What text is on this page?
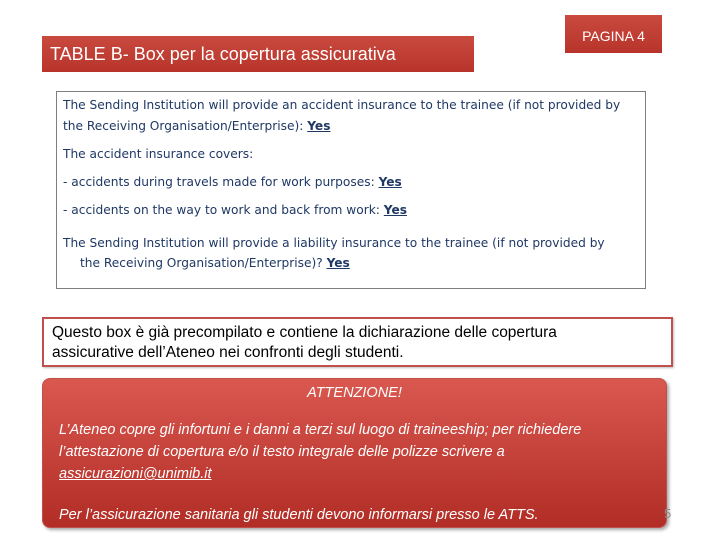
TABLE B- Box per la copertura assicurativa
PAGINA 4
The Sending Institution will provide an accident insurance to the trainee (if not provided by
the Receiving Organisation/Enterprise): Yes
The accident insurance covers:
- accidents during travels made for work purposes: Yes
- accidents on the way to work and back from work: Yes
The Sending Institution will provide a liability insurance to the trainee (if not provided by
the Receiving Organisation/Enterprise)? Yes
Questo box è già precompilato e contiene la dichiarazione delle copertura
assicurative dell’Ateneo nei confronti degli studenti.
ATTENZIONE!
L’Ateneo copre gli infortuni e i danni a terzi sul luogo di traineeship; per richiedere
l’attestazione di copertura e/o il testo integrale delle polizze scrivere a
assicurazioni@unimib.it
Per l’assicurazione sanitaria gli studenti devono informarsi presso le ATTS.	5
